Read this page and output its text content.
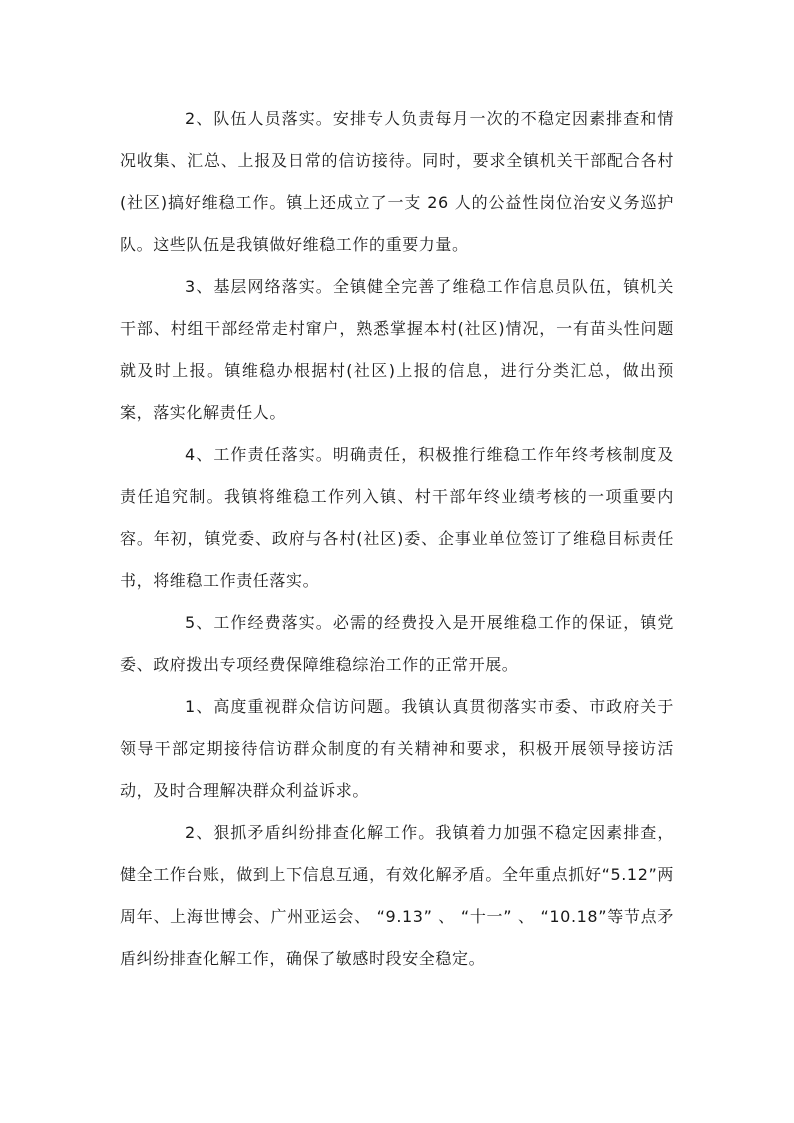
2、队伍人员落实。安排专人负责每月一次的不稳定因素排查和情况收集、汇总、上报及日常的信访接待。同时，要求全镇机关干部配合各村(社区)搞好维稳工作。镇上还成立了一支 26 人的公益性岗位治安义务巡护队。这些队伍是我镇做好维稳工作的重要力量。

3、基层网络落实。全镇健全完善了维稳工作信息员队伍，镇机关干部、村组干部经常走村窜户，熟悉掌握本村(社区)情况，一有苗头性问题就及时上报。镇维稳办根据村(社区)上报的信息，进行分类汇总，做出预案，落实化解责任人。

4、工作责任落实。明确责任，积极推行维稳工作年终考核制度及责任追究制。我镇将维稳工作列入镇、村干部年终业绩考核的一项重要内容。年初，镇党委、政府与各村(社区)委、企事业单位签订了维稳目标责任书，将维稳工作责任落实。

5、工作经费落实。必需的经费投入是开展维稳工作的保证，镇党委、政府拨出专项经费保障维稳综治工作的正常开展。

1、高度重视群众信访问题。我镇认真贯彻落实市委、市政府关于领导干部定期接待信访群众制度的有关精神和要求，积极开展领导接访活动，及时合理解决群众利益诉求。

2、狠抓矛盾纠纷排查化解工作。我镇着力加强不稳定因素排查，健全工作台账，做到上下信息互通，有效化解矛盾。全年重点抓好“5.12”两周年、上海世博会、广州亚运会、 “9.13” 、 “十一” 、 “10.18”等节点矛盾纠纷排查化解工作，确保了敏感时段安全稳定。
